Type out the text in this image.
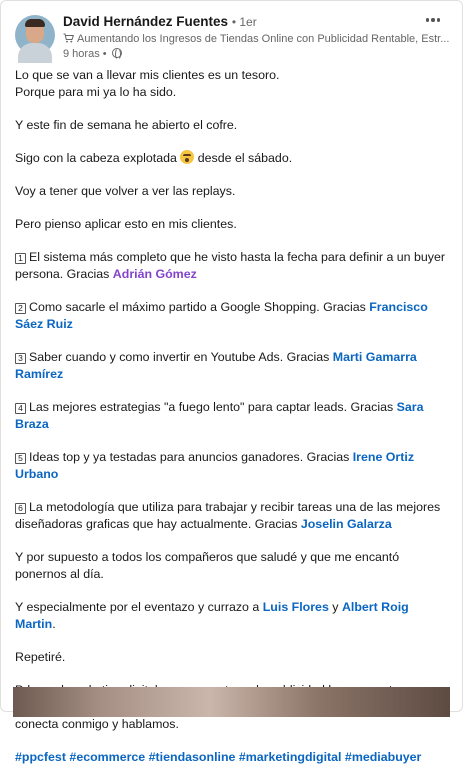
David Hernández Fuentes • 1er
Aumentando los Ingresos de Tiendas Online con Publicidad Rentable, Estr...
9 horas •

Lo que se van a llevar mis clientes es un tesoro.
Porque para mi ya lo ha sido.

Y este fin de semana he abierto el cofre.

Sigo con la cabeza explotada  desde el sábado.

Voy a tener que volver a ver las replays.

Pero pienso aplicar esto en mis clientes.

1 El sistema más completo que he visto hasta la fecha para definir a un buyer persona. Gracias Adrián Gómez

2 Como sacarle el máximo partido a Google Shopping. Gracias Francisco Sáez Ruiz

3 Saber cuando y como invertir en Youtube Ads. Gracias Marti Gamarra Ramírez

4 Las mejores estrategias "a fuego lento" para captar leads. Gracias Sara Braza

5 Ideas top y ya testadas para anuncios ganadores. Gracias Irene Ortiz Urbano

6 La metodología que utiliza para trabajar y recibir tareas una de las mejores diseñadoras graficas que hay actualmente. Gracias Joselin Galarza

Y por supuesto a todos los compañeros que saludé y que me encantó ponernos al día.

Y especialmente por el eventazo y currazo a Luis Flores y Albert Roig Martin.

Repetiré.

conecta conmigo y hablamos.

#ppcfest #ecommerce #tiendasonline #marketingdigital #mediabuyer
